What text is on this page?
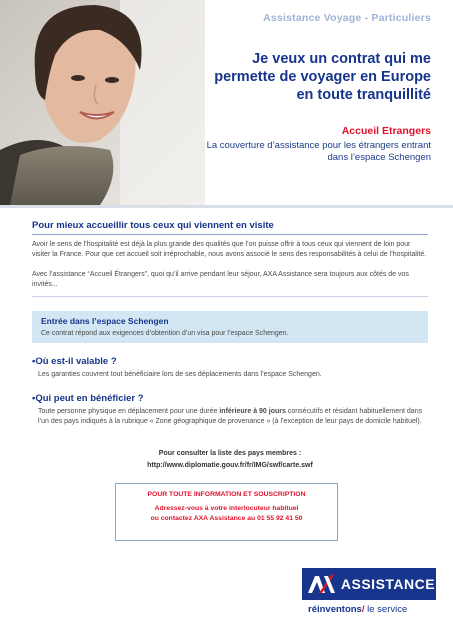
Assistance Voyage - Particuliers
Je veux un contrat qui me permette de voyager en Europe en toute tranquillité
Accueil Etrangers
La couverture d’assistance pour les étrangers entrant dans l’espace Schengen
Pour mieux accueillir tous ceux qui viennent en visite
Avoir le sens de l’hospitalité est déjà la plus grande des qualités que l’on puisse offrir à tous ceux qui viennent de loin pour visiter la France. Pour que cet accueil soit irréprochable, nous avons associé le sens des responsabilités à celui de l’hospitalité.
Avec l’assistance “Accueil Étrangers”, quoi qu’il arrive pendant leur séjour, AXA Assistance sera toujours aux côtés de vos invités...
Entrée dans l’espace Schengen
Ce contrat répond aux exigences d’obtention d’un visa pour l’espace Schengen.
•Où est-il valable ?
Les garanties couvrent tout bénéficiaire lors de ses déplacements dans l’espace Schengen.
•Qui peut en bénéficier ?
Toute personne physique en déplacement pour une durée inférieure à 90 jours consécutifs et résidant habituellement dans l’un des pays indiqués à la rubrique « Zone géographique de provenance » (à l’exception de leur pays de domicile habituel).
Pour consulter la liste des pays membres :
http://www.diplomatie.gouv.fr/fr/IMG/swf/carte.swf
POUR TOUTE INFORMATION ET SOUSCRIPTION
Adressez-vous à votre interlocuteur habituel
ou contactez AXA Assistance au 01 55 92 41 50
ASSISTANCE
réinventons/ le service
